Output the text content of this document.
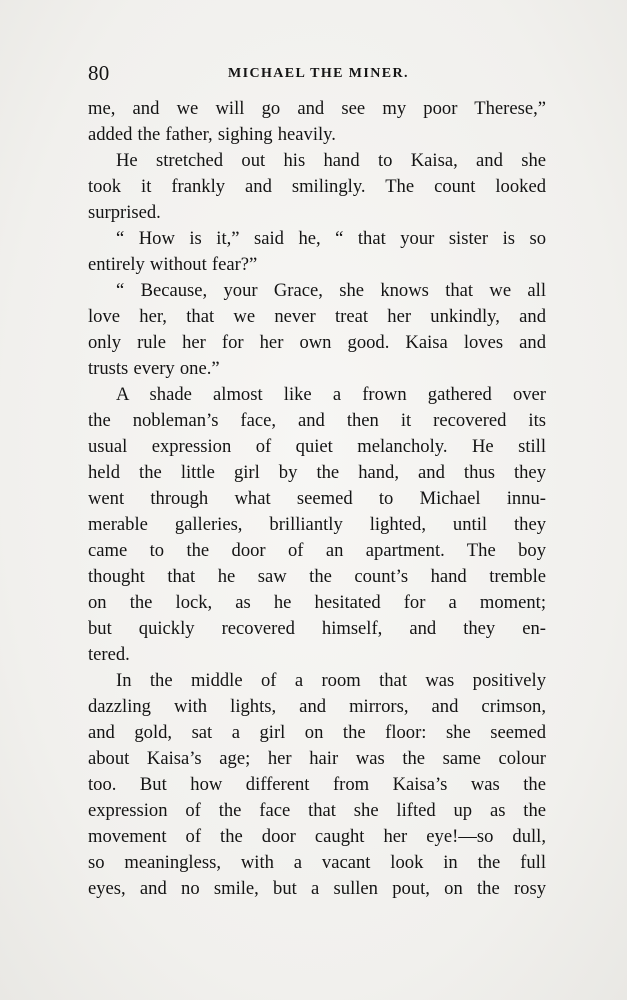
80	MICHAEL THE MINER.
me, and we will go and see my poor Therese,”
added the father, sighing heavily.
He stretched out his hand to Kaisa, and she
took it frankly and smilingly. The count looked
surprised.
“ How is it,” said he, “ that your sister is so
entirely without fear?”
“ Because, your Grace, she knows that we all
love her, that we never treat her unkindly, and
only rule her for her own good. Kaisa loves and
trusts every one.”
A shade almost like a frown gathered over
the nobleman’s face, and then it recovered its
usual expression of quiet melancholy. He still
held the little girl by the hand, and thus they
went through what seemed to Michael innu-
merable galleries, brilliantly lighted, until they
came to the door of an apartment. The boy
thought that he saw the count’s hand tremble
on the lock, as he hesitated for a moment;
but quickly recovered himself, and they en-
tered.
In the middle of a room that was positively
dazzling with lights, and mirrors, and crimson,
and gold, sat a girl on the floor: she seemed
about Kaisa’s age; her hair was the same colour
too. But how different from Kaisa’s was the
expression of the face that she lifted up as the
movement of the door caught her eye!—so dull,
so meaningless, with a vacant look in the full
eyes, and no smile, but a sullen pout, on the rosy
